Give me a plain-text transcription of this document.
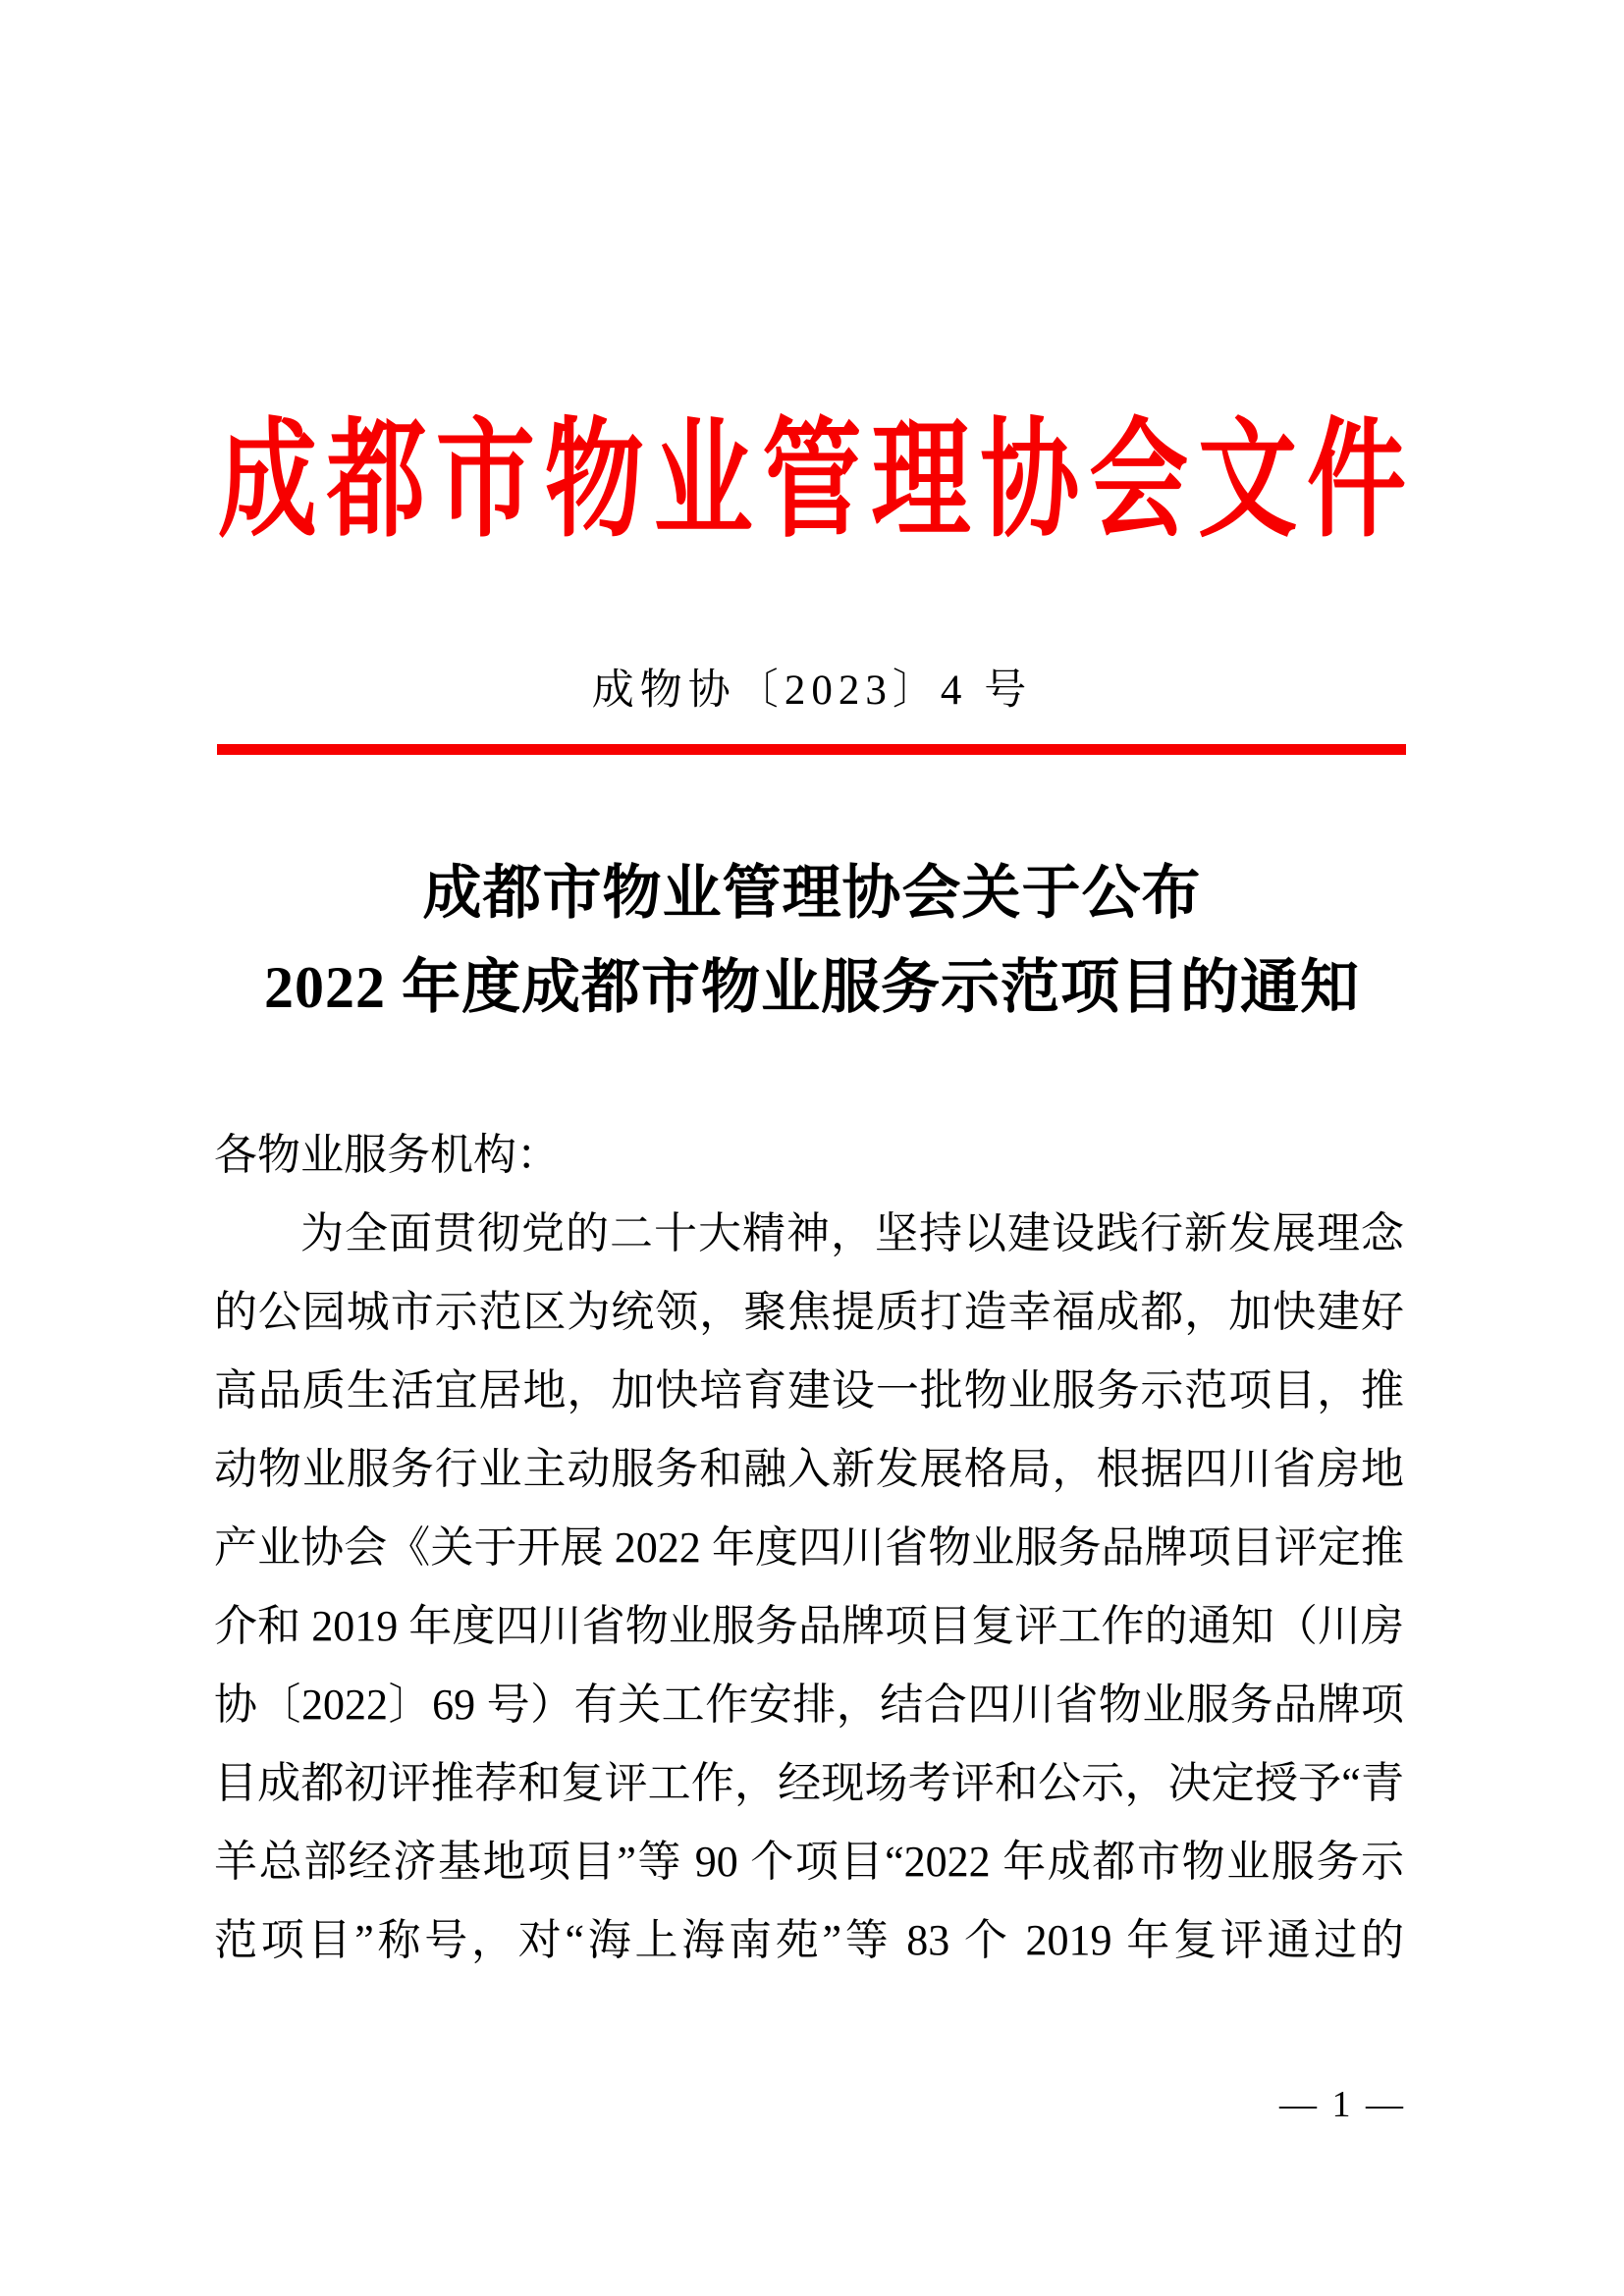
成都市物业管理协会文件
成物协〔2023〕4 号
成都市物业管理协会关于公布
2022 年度成都市物业服务示范项目的通知
各物业服务机构：
为全面贯彻党的二十大精神，坚持以建设践行新发展理念
的公园城市示范区为统领，聚焦提质打造幸福成都，加快建好
高品质生活宜居地，加快培育建设一批物业服务示范项目，推
动物业服务行业主动服务和融入新发展格局，根据四川省房地
产业协会《关于开展 2022 年度四川省物业服务品牌项目评定推
介和 2019 年度四川省物业服务品牌项目复评工作的通知（川房
协〔2022〕69 号）有关工作安排，结合四川省物业服务品牌项
目成都初评推荐和复评工作，经现场考评和公示，决定授予“青
羊总部经济基地项目”等 90 个项目“2022 年成都市物业服务示
范项目”称号，对“海上海南苑”等 83 个 2019 年复评通过的
— 1 —
